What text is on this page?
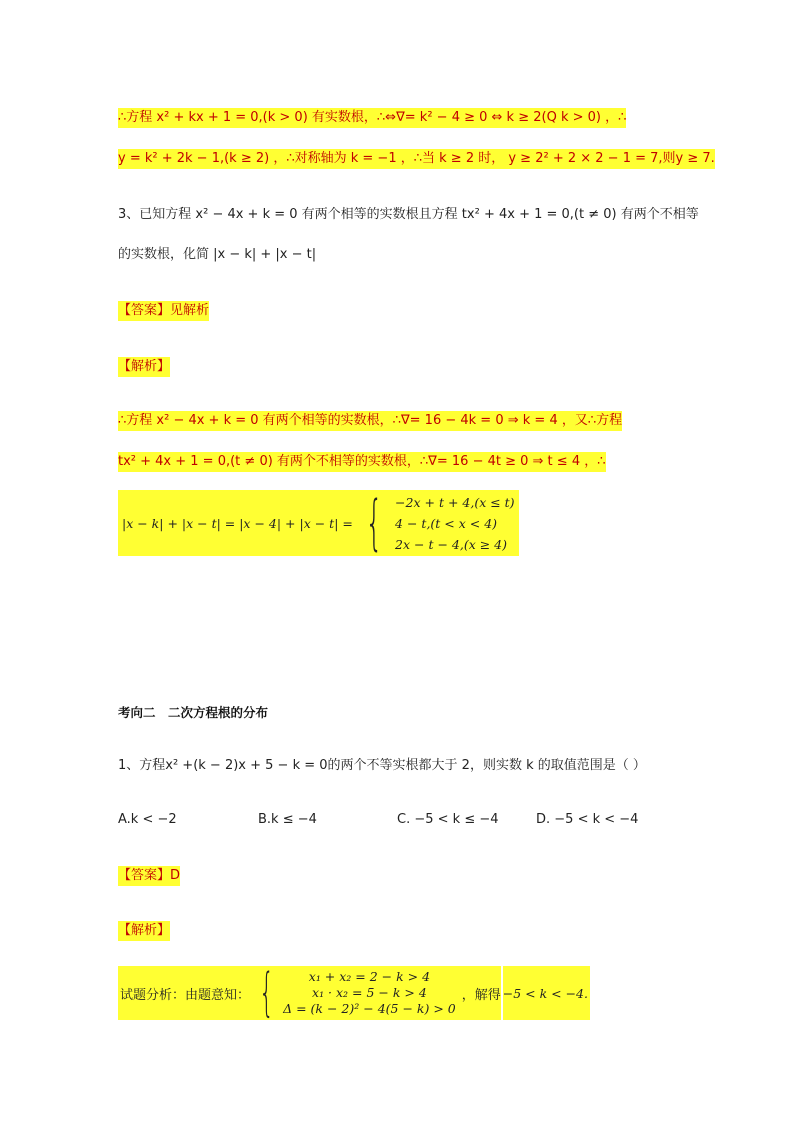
∴方程 x² + kx + 1 = 0,(k > 0) 有实数根，∴⇔∇= k² − 4 ≥ 0 ⇔ k ≥ 2(Q k > 0) ，∴
y = k² + 2k − 1,(k ≥ 2) ，∴对称轴为 k = −1 ，∴当 k ≥ 2 时， y ≥ 2² + 2 × 2 − 1 = 7,则y ≥ 7.
3、已知方程 x² − 4x + k = 0 有两个相等的实数根且方程 tx² + 4x + 1 = 0,(t ≠ 0) 有两个不相等
的实数根，化简 |x − k| + |x − t|
【答案】见解析
【解析】
∴方程 x² − 4x + k = 0 有两个相等的实数根，∴∇= 16 − 4k = 0 ⇒ k = 4 ，又∴方程
tx² + 4x + 1 = 0,(t ≠ 0) 有两个不相等的实数根，∴∇= 16 − 4t ≥ 0 ⇒ t ≤ 4 ，∴
|x − k| + |x − t| = |x − 4| + |x − t| = { −2x + t + 4,(x ≤ t)
4 − t,(t < x < 4)
2x − t − 4,(x ≥ 4)
考向二　二次方程根的分布
1、方程x² +(k − 2)x + 5 − k = 0的两个不等实根都大于 2，则实数 k 的取值范围是（ ）
A.k < −2	B.k ≤ −4	C. −5 < k ≤ −4	D. −5 < k < −4
【答案】D
【解析】
试题分析：由题意知： {	x₁ + x₂ = 2 − k > 4
x₁ · x₂ = 5 − k > 4
Δ = (k − 2)² − 4(5 − k) > 0
，解得 −5 < k < −4.
